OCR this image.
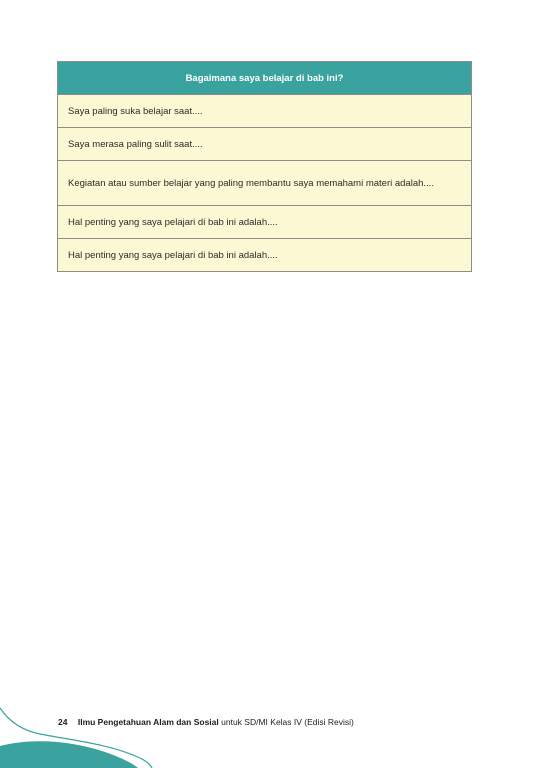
Bagaimana saya belajar di bab ini?
Saya paling suka belajar saat....
Saya merasa paling sulit saat....
Kegiatan atau sumber belajar yang paling membantu saya memahami materi adalah....
Hal penting yang saya pelajari di bab ini adalah....
Hal penting yang saya pelajari di bab ini adalah....
24 Ilmu Pengetahuan Alam dan Sosial untuk SD/MI Kelas IV (Edisi Revisi)
